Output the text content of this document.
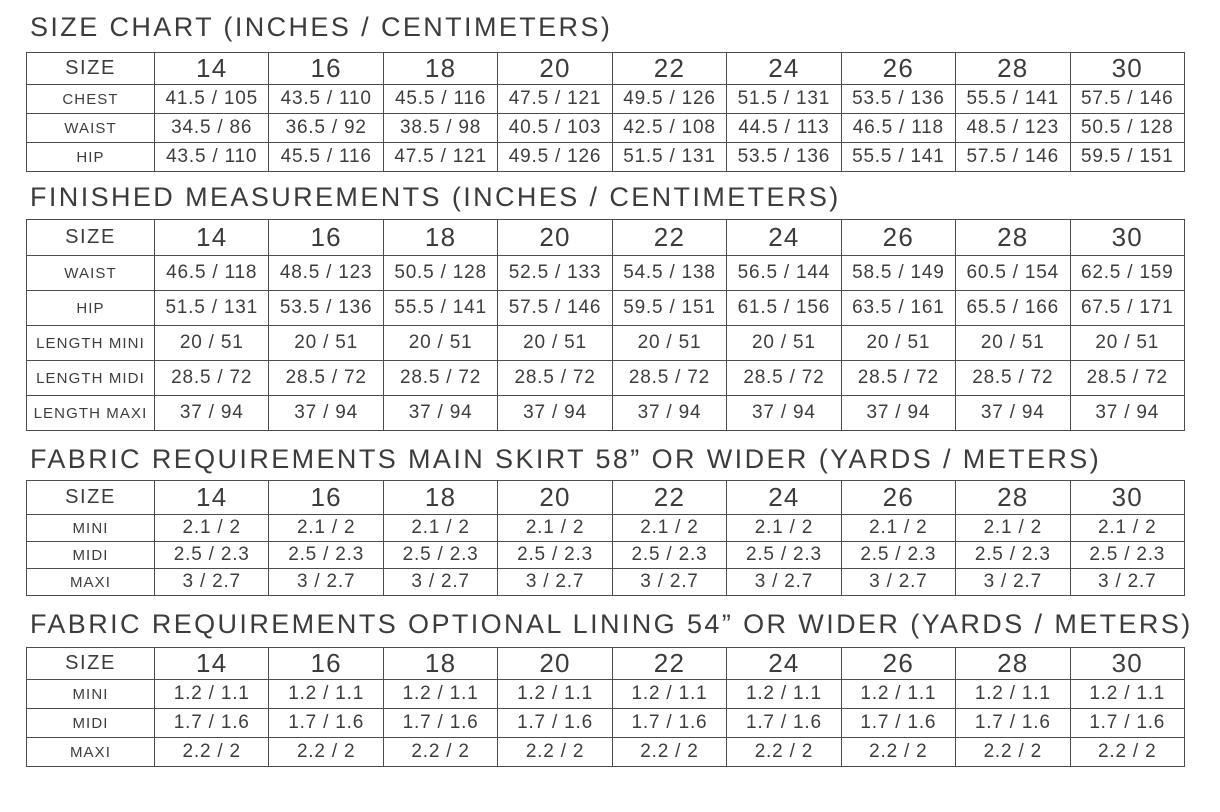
SIZE CHART (INCHES / CENTIMETERS)
SIZE	14	16	18	20	22	24	26	28	30
CHEST	41.5 / 105	43.5 / 110	45.5 / 116	47.5 / 121	49.5 / 126	51.5 / 131	53.5 / 136	55.5 / 141	57.5 / 146
WAIST	34.5 / 86	36.5 / 92	38.5 / 98	40.5 / 103	42.5 / 108	44.5 / 113	46.5 / 118	48.5 / 123	50.5 / 128
HIP	43.5 / 110	45.5 / 116	47.5 / 121	49.5 / 126	51.5 / 131	53.5 / 136	55.5 / 141	57.5 / 146	59.5 / 151
FINISHED MEASUREMENTS (INCHES / CENTIMETERS)
SIZE	14	16	18	20	22	24	26	28	30
WAIST	46.5 / 118	48.5 / 123	50.5 / 128	52.5 / 133	54.5 / 138	56.5 / 144	58.5 / 149	60.5 / 154	62.5 / 159
HIP	51.5 / 131	53.5 / 136	55.5 / 141	57.5 / 146	59.5 / 151	61.5 / 156	63.5 / 161	65.5 / 166	67.5 / 171
LENGTH MINI	20 / 51	20 / 51	20 / 51	20 / 51	20 / 51	20 / 51	20 / 51	20 / 51	20 / 51
LENGTH MIDI	28.5 / 72	28.5 / 72	28.5 / 72	28.5 / 72	28.5 / 72	28.5 / 72	28.5 / 72	28.5 / 72	28.5 / 72
LENGTH MAXI	37 / 94	37 / 94	37 / 94	37 / 94	37 / 94	37 / 94	37 / 94	37 / 94	37 / 94
FABRIC REQUIREMENTS MAIN SKIRT 58” OR WIDER (YARDS / METERS)
SIZE	14	16	18	20	22	24	26	28	30
MINI	2.1 / 2	2.1 / 2	2.1 / 2	2.1 / 2	2.1 / 2	2.1 / 2	2.1 / 2	2.1 / 2	2.1 / 2
MIDI	2.5 / 2.3	2.5 / 2.3	2.5 / 2.3	2.5 / 2.3	2.5 / 2.3	2.5 / 2.3	2.5 / 2.3	2.5 / 2.3	2.5 / 2.3
MAXI	3 / 2.7	3 / 2.7	3 / 2.7	3 / 2.7	3 / 2.7	3 / 2.7	3 / 2.7	3 / 2.7	3 / 2.7
FABRIC REQUIREMENTS OPTIONAL LINING 54” OR WIDER (YARDS / METERS)
SIZE	14	16	18	20	22	24	26	28	30
MINI	1.2 / 1.1	1.2 / 1.1	1.2 / 1.1	1.2 / 1.1	1.2 / 1.1	1.2 / 1.1	1.2 / 1.1	1.2 / 1.1	1.2 / 1.1
MIDI	1.7 / 1.6	1.7 / 1.6	1.7 / 1.6	1.7 / 1.6	1.7 / 1.6	1.7 / 1.6	1.7 / 1.6	1.7 / 1.6	1.7 / 1.6
MAXI	2.2 / 2	2.2 / 2	2.2 / 2	2.2 / 2	2.2 / 2	2.2 / 2	2.2 / 2	2.2 / 2	2.2 / 2
